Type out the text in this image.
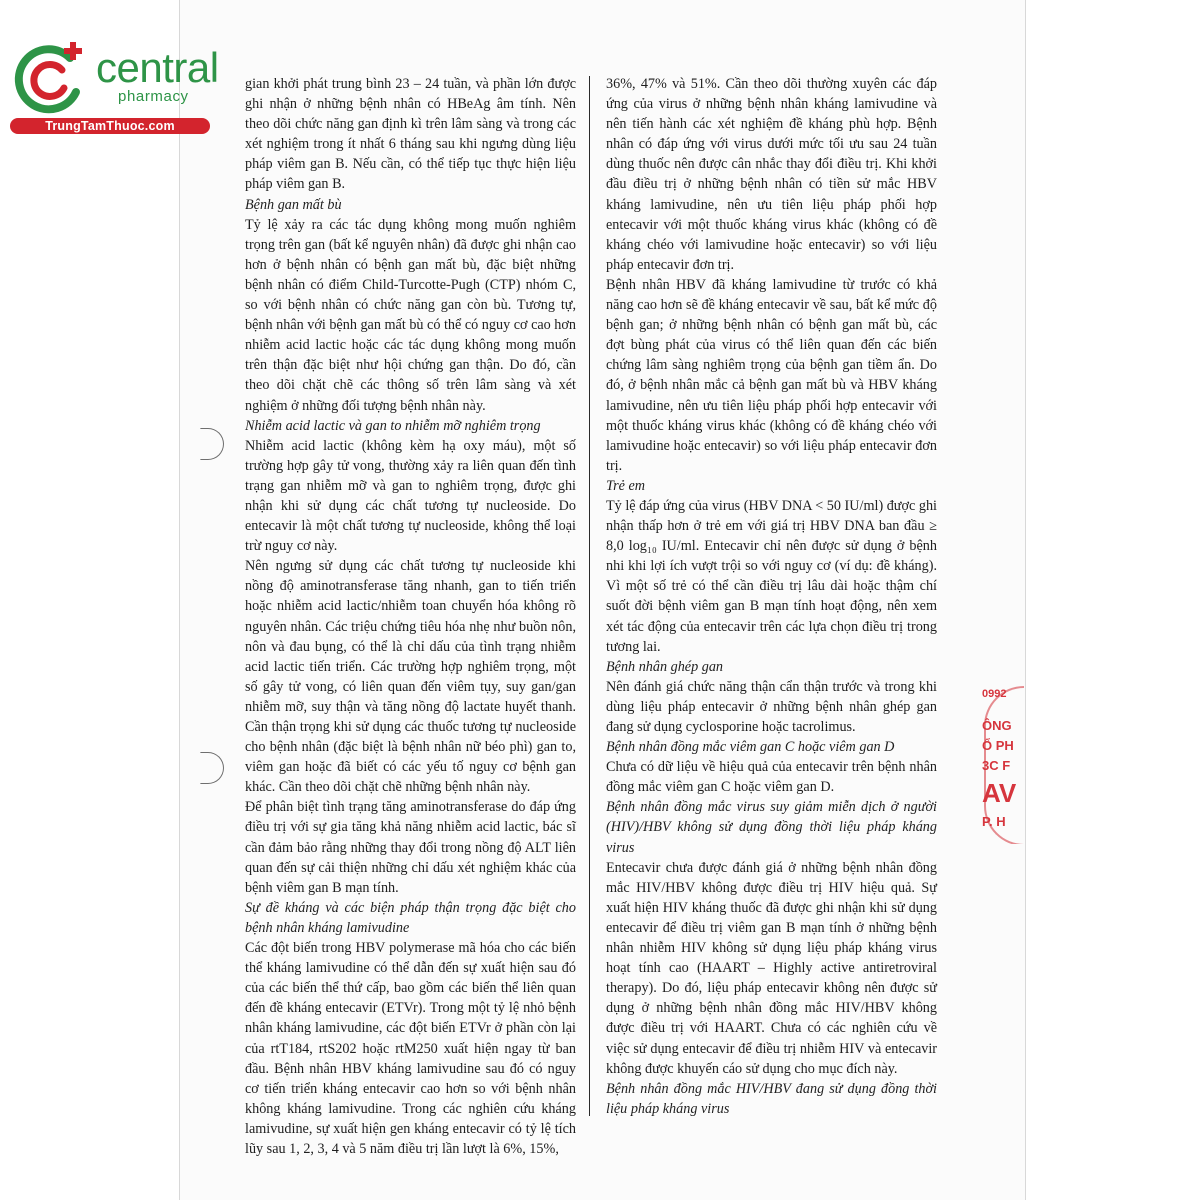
central
pharmacy
TrungTamThuoc.com

gian khởi phát trung bình 23 – 24 tuần, và phần lớn được ghi nhận ở những bệnh nhân có HBeAg âm tính. Nên theo dõi chức năng gan định kì trên lâm sàng và trong các xét nghiệm trong ít nhất 6 tháng sau khi ngưng dùng liệu pháp viêm gan B. Nếu cần, có thể tiếp tục thực hiện liệu pháp viêm gan B.

Bệnh gan mất bù

Tỷ lệ xảy ra các tác dụng không mong muốn nghiêm trọng trên gan (bất kể nguyên nhân) đã được ghi nhận cao hơn ở bệnh nhân có bệnh gan mất bù, đặc biệt những bệnh nhân có điểm Child-Turcotte-Pugh (CTP) nhóm C, so với bệnh nhân có chức năng gan còn bù. Tương tự, bệnh nhân với bệnh gan mất bù có thể có nguy cơ cao hơn nhiễm acid lactic hoặc các tác dụng không mong muốn trên thận đặc biệt như hội chứng gan thận. Do đó, cần theo dõi chặt chẽ các thông số trên lâm sàng và xét nghiệm ở những đối tượng bệnh nhân này.

Nhiễm acid lactic và gan to nhiễm mỡ nghiêm trọng

Nhiễm acid lactic (không kèm hạ oxy máu), một số trường hợp gây tử vong, thường xảy ra liên quan đến tình trạng gan nhiễm mỡ và gan to nghiêm trọng, được ghi nhận khi sử dụng các chất tương tự nucleoside. Do entecavir là một chất tương tự nucleoside, không thể loại trừ nguy cơ này.

Nên ngưng sử dụng các chất tương tự nucleoside khi nồng độ aminotransferase tăng nhanh, gan to tiến triển hoặc nhiễm acid lactic/nhiễm toan chuyển hóa không rõ nguyên nhân. Các triệu chứng tiêu hóa nhẹ như buồn nôn, nôn và đau bụng, có thể là chỉ dấu của tình trạng nhiễm acid lactic tiến triển. Các trường hợp nghiêm trọng, một số gây tử vong, có liên quan đến viêm tụy, suy gan/gan nhiễm mỡ, suy thận và tăng nồng độ lactate huyết thanh. Cần thận trọng khi sử dụng các thuốc tương tự nucleoside cho bệnh nhân (đặc biệt là bệnh nhân nữ béo phì) gan to, viêm gan hoặc đã biết có các yếu tố nguy cơ bệnh gan khác. Cần theo dõi chặt chẽ những bệnh nhân này.

Để phân biệt tình trạng tăng aminotransferase do đáp ứng điều trị với sự gia tăng khả năng nhiễm acid lactic, bác sĩ cần đảm bảo rằng những thay đổi trong nồng độ ALT liên quan đến sự cải thiện những chỉ dấu xét nghiệm khác của bệnh viêm gan B mạn tính.

Sự đề kháng và các biện pháp thận trọng đặc biệt cho bệnh nhân kháng lamivudine

Các đột biến trong HBV polymerase mã hóa cho các biến thể kháng lamivudine có thể dẫn đến sự xuất hiện sau đó của các biến thể thứ cấp, bao gồm các biến thể liên quan đến đề kháng entecavir (ETVr). Trong một tỷ lệ nhỏ bệnh nhân kháng lamivudine, các đột biến ETVr ở phần còn lại của rtT184, rtS202 hoặc rtM250 xuất hiện ngay từ ban đầu. Bệnh nhân HBV kháng lamivudine sau đó có nguy cơ tiến triển kháng entecavir cao hơn so với bệnh nhân không kháng lamivudine. Trong các nghiên cứu kháng lamivudine, sự xuất hiện gen kháng entecavir có tỷ lệ tích lũy sau 1, 2, 3, 4 và 5 năm điều trị lần lượt là 6%, 15%,

36%, 47% và 51%. Cần theo dõi thường xuyên các đáp ứng của virus ở những bệnh nhân kháng lamivudine và nên tiến hành các xét nghiệm đề kháng phù hợp. Bệnh nhân có đáp ứng với virus dưới mức tối ưu sau 24 tuần dùng thuốc nên được cân nhắc thay đổi điều trị. Khi khởi đầu điều trị ở những bệnh nhân có tiền sử mắc HBV kháng lamivudine, nên ưu tiên liệu pháp phối hợp entecavir với một thuốc kháng virus khác (không có đề kháng chéo với lamivudine hoặc entecavir) so với liệu pháp entecavir đơn trị.

Bệnh nhân HBV đã kháng lamivudine từ trước có khả năng cao hơn sẽ đề kháng entecavir về sau, bất kể mức độ bệnh gan; ở những bệnh nhân có bệnh gan mất bù, các đợt bùng phát của virus có thể liên quan đến các biến chứng lâm sàng nghiêm trọng của bệnh gan tiềm ẩn. Do đó, ở bệnh nhân mắc cả bệnh gan mất bù và HBV kháng lamivudine, nên ưu tiên liệu pháp phối hợp entecavir với một thuốc kháng virus khác (không có đề kháng chéo với lamivudine hoặc entecavir) so với liệu pháp entecavir đơn trị.

Trẻ em

Tỷ lệ đáp ứng của virus (HBV DNA < 50 IU/ml) được ghi nhận thấp hơn ở trẻ em với giá trị HBV DNA ban đầu ≥ 8,0 log₁₀ IU/ml. Entecavir chỉ nên được sử dụng ở bệnh nhi khi lợi ích vượt trội so với nguy cơ (ví dụ: đề kháng). Vì một số trẻ có thể cần điều trị lâu dài hoặc thậm chí suốt đời bệnh viêm gan B mạn tính hoạt động, nên xem xét tác động của entecavir trên các lựa chọn điều trị trong tương lai.

Bệnh nhân ghép gan

Nên đánh giá chức năng thận cẩn thận trước và trong khi dùng liệu pháp entecavir ở những bệnh nhân ghép gan đang sử dụng cyclosporine hoặc tacrolimus.

Bệnh nhân đồng mắc viêm gan C hoặc viêm gan D

Chưa có dữ liệu về hiệu quả của entecavir trên bệnh nhân đồng mắc viêm gan C hoặc viêm gan D.

Bệnh nhân đồng mắc virus suy giảm miễn dịch ở người (HIV)/HBV không sử dụng đồng thời liệu pháp kháng virus

Entecavir chưa được đánh giá ở những bệnh nhân đồng mắc HIV/HBV không được điều trị HIV hiệu quả. Sự xuất hiện HIV kháng thuốc đã được ghi nhận khi sử dụng entecavir để điều trị viêm gan B mạn tính ở những bệnh nhân nhiễm HIV không sử dụng liệu pháp kháng virus hoạt tính cao (HAART – Highly active antiretroviral therapy). Do đó, liệu pháp entecavir không nên được sử dụng ở những bệnh nhân đồng mắc HIV/HBV không được điều trị với HAART. Chưa có các nghiên cứu về việc sử dụng entecavir để điều trị nhiễm HIV và entecavir không được khuyến cáo sử dụng cho mục đích này.

Bệnh nhân đồng mắc HIV/HBV đang sử dụng đồng thời liệu pháp kháng virus

0992
ÔNG
Ổ PH
3C F
AV
P. H
